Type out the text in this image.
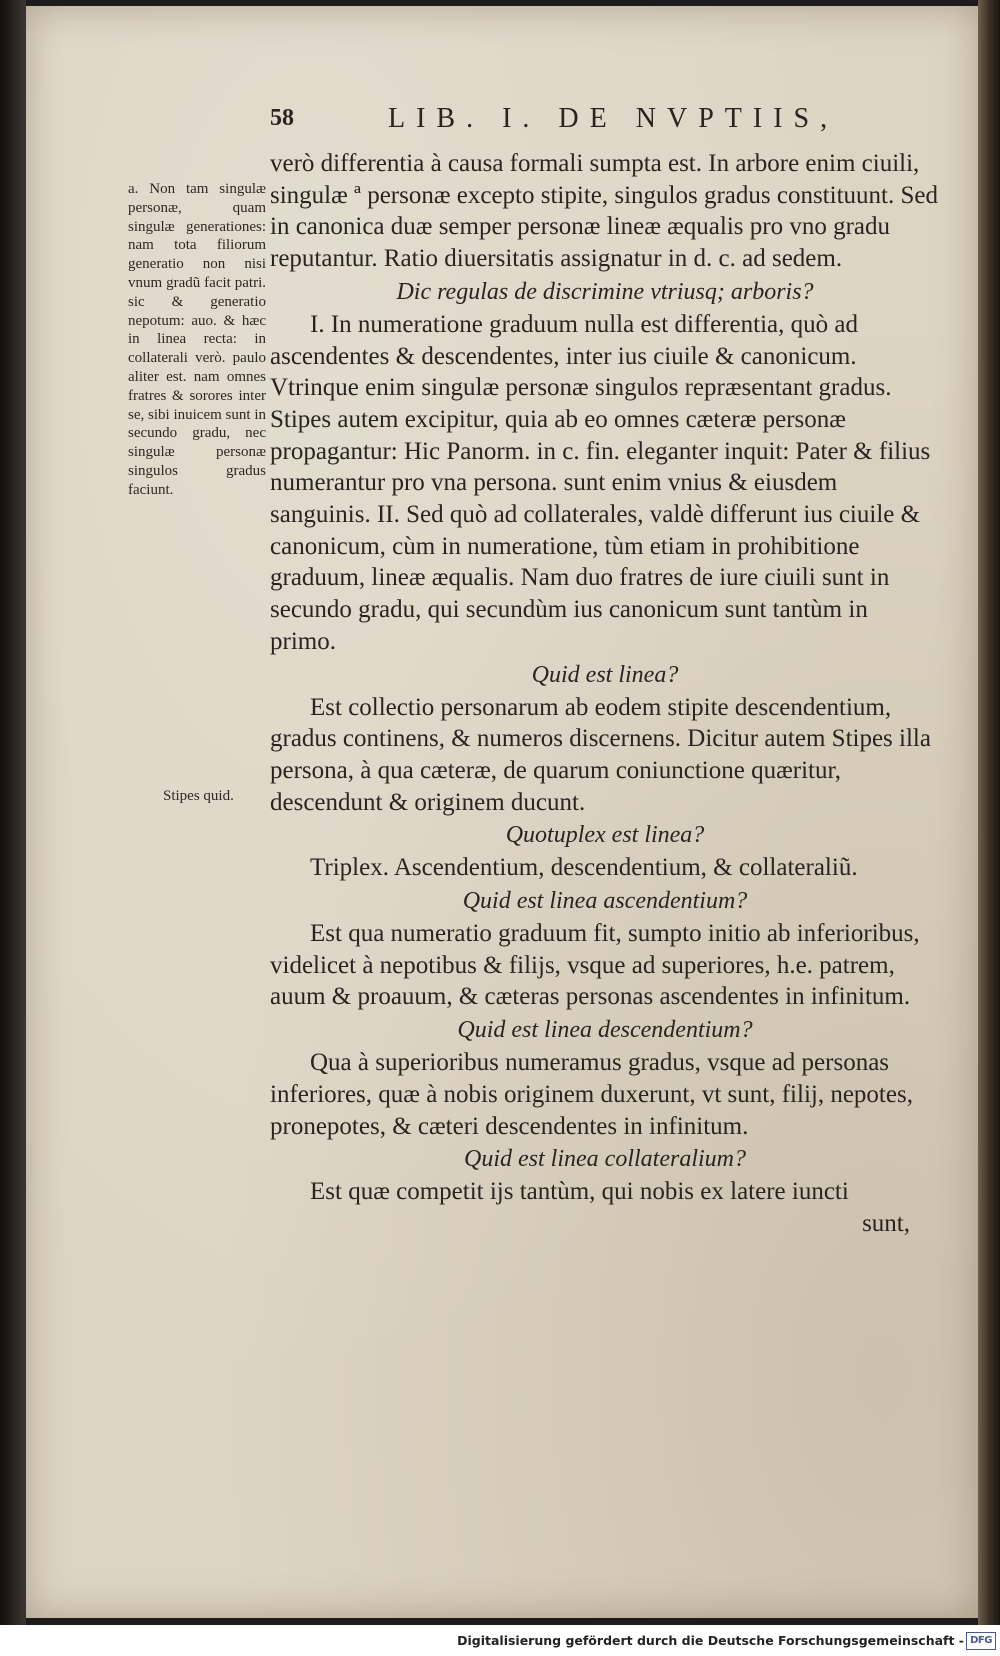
58	LIB. I. DE NVPTIIS,
a. Non tam singulæ personæ, quam singulæ generationes: nam tota filiorum generatio non nisi vnum gradũ facit patri. sic & generatio nepotum: auo. & hæc in linea recta: in collaterali verò. paulo aliter est. nam omnes fratres & sorores inter se, sibi inuicem sunt in secundo gradu, nec singulæ personæ singulos gradus faciunt.
Stipes quid.

verò differentia à causa formali sumpta est. In arbore enim ciuili, singulæ ª personæ excepto stipite, singulos gradus constituunt. Sed in canonica duæ semper personæ lineæ æqualis pro vno gradu reputantur. Ratio diuersitatis assignatur in d. c. ad sedem.

Dic regulas de discrimine vtriusq; arboris?

I. In numeratione graduum nulla est differentia, quò ad ascendentes & descendentes, inter ius ciuile & canonicum. Vtrinque enim singulæ personæ singulos repræsentant gradus. Stipes autem excipitur, quia ab eo omnes cæteræ personæ propagantur: Hic Panorm. in c. fin. eleganter inquit: Pater & filius numerantur pro vna persona. sunt enim vnius & eiusdem sanguinis. II. Sed quò ad collaterales, valdè differunt ius ciuile & canonicum, cùm in numeratione, tùm etiam in prohibitione graduum, lineæ æqualis. Nam duo fratres de iure ciuili sunt in secundo gradu, qui secundùm ius canonicum sunt tantùm in primo.

Quid est linea?

Est collectio personarum ab eodem stipite descendentium, gradus continens, & numeros discernens. Dicitur autem Stipes illa persona, à qua cæteræ, de quarum coniunctione quæritur, descendunt & originem ducunt.

Quotuplex est linea?

Triplex. Ascendentium, descendentium, & collateraliũ.

Quid est linea ascendentium?

Est qua numeratio graduum fit, sumpto initio ab inferioribus, videlicet à nepotibus & filijs, vsque ad superiores, h.e. patrem, auum & proauum, & cæteras personas ascendentes in infinitum.

Quid est linea descendentium?

Qua à superioribus numeramus gradus, vsque ad personas inferiores, quæ à nobis originem duxerunt, vt sunt, filij, nepotes, pronepotes, & cæteri descendentes in infinitum.

Quid est linea collateralium?

Est quæ competit ijs tantùm, qui nobis ex latere iuncti

sunt,

Digitalisierung gefördert durch die Deutsche Forschungsgemeinschaft - DFG
